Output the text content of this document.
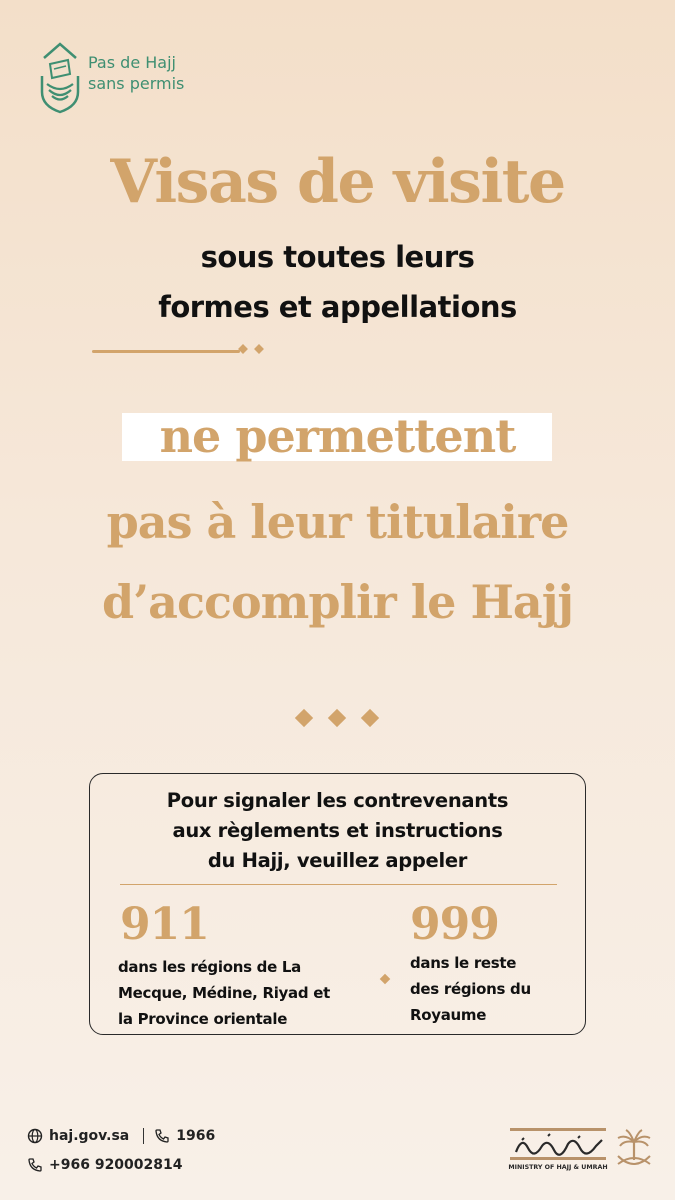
Pas de Hajj
sans permis
Visas de visite
sous toutes leurs
formes et appellations
ne permettent
pas à leur titulaire
d’accomplir le Hajj
Pour signaler les contrevenants
aux règlements et instructions
du Hajj, veuillez appeler
911
dans les régions de La
Mecque, Médine, Riyad et
la Province orientale
999
dans le reste
des régions du
Royaume
haj.gov.sa	1966
+966 920002814	MINISTRY OF HAJJ & UMRAH
